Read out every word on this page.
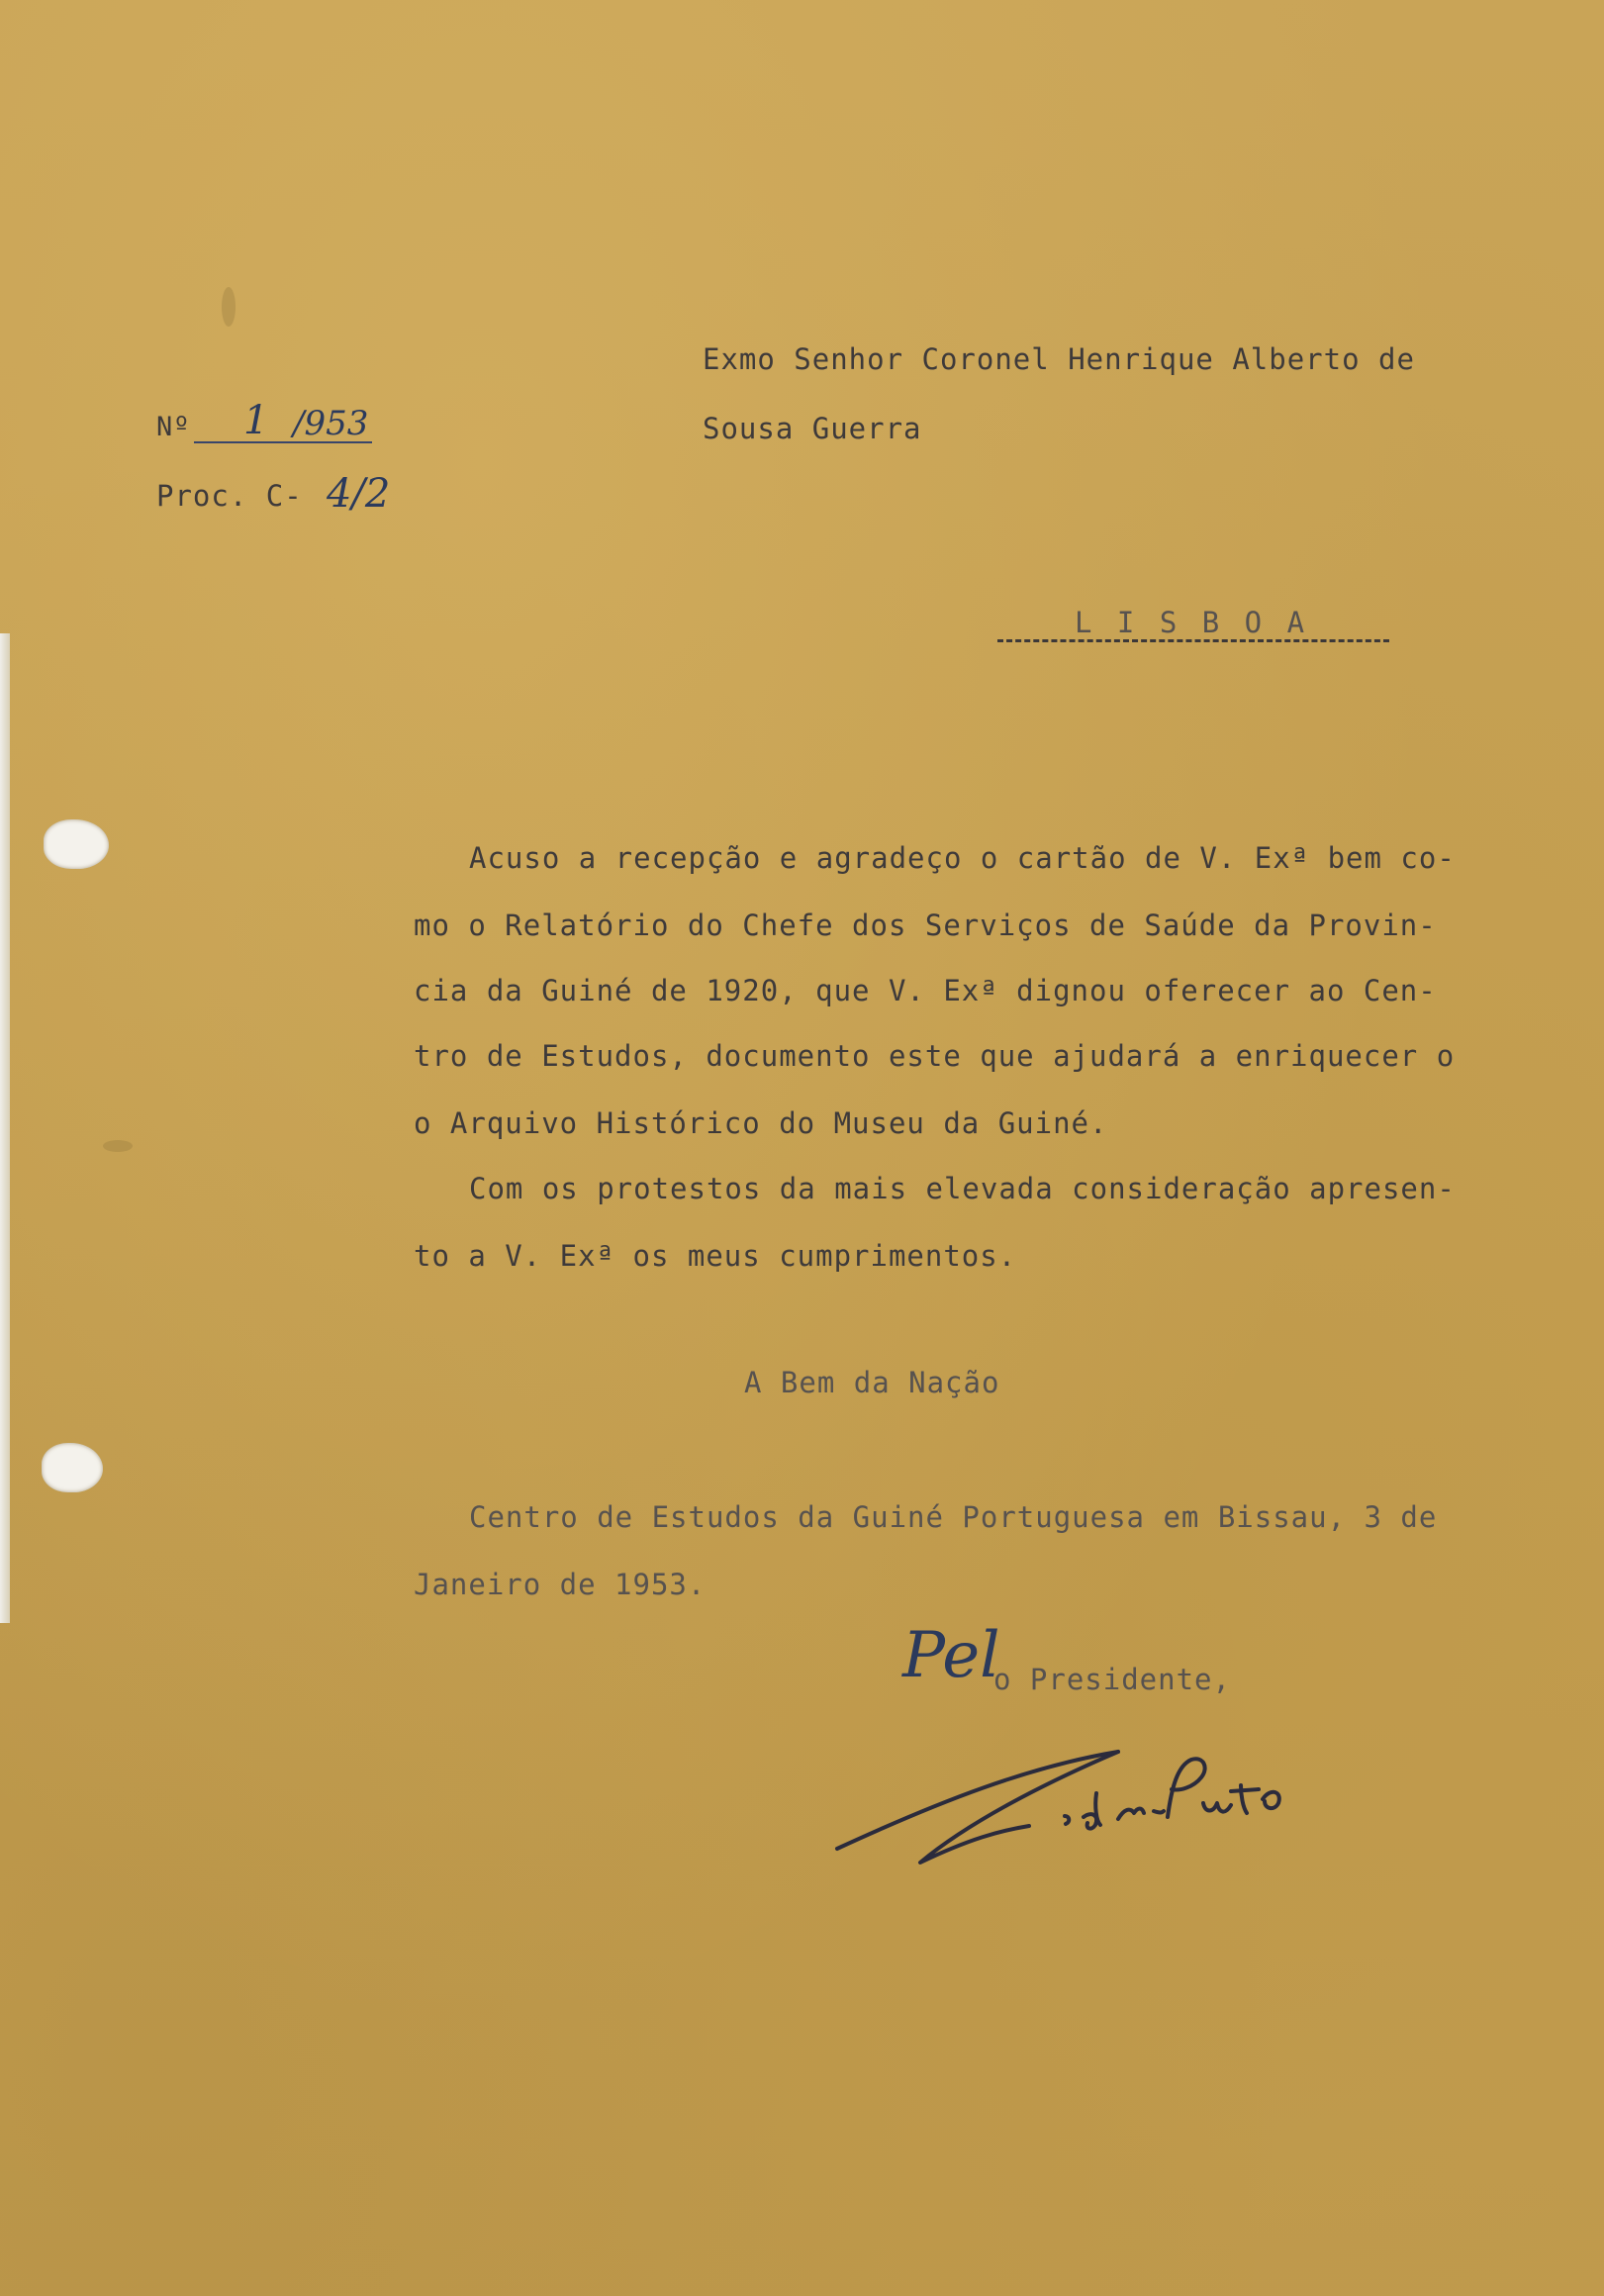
Nº 1 /953
Proc. C- 4/2
Exmo Senhor Coronel Henrique Alberto de
Sousa Guerra
L I S B O A
Acuso a recepção e agradeço o cartão de V. Exª bem co-
mo o Relatório do Chefe dos Serviços de Saúde da Provin-
cia da Guiné de 1920, que V. Exª dignou oferecer ao Cen-
tro de Estudos, documento este que ajudará a enriquecer o
o Arquivo Histórico do Museu da Guiné.
Com os protestos da mais elevada consideração apresen-
to a V. Exª os meus cumprimentos.
A Bem da Nação
Centro de Estudos da Guiné Portuguesa em Bissau, 3 de
Janeiro de 1953.
Pel
o Presidente,
